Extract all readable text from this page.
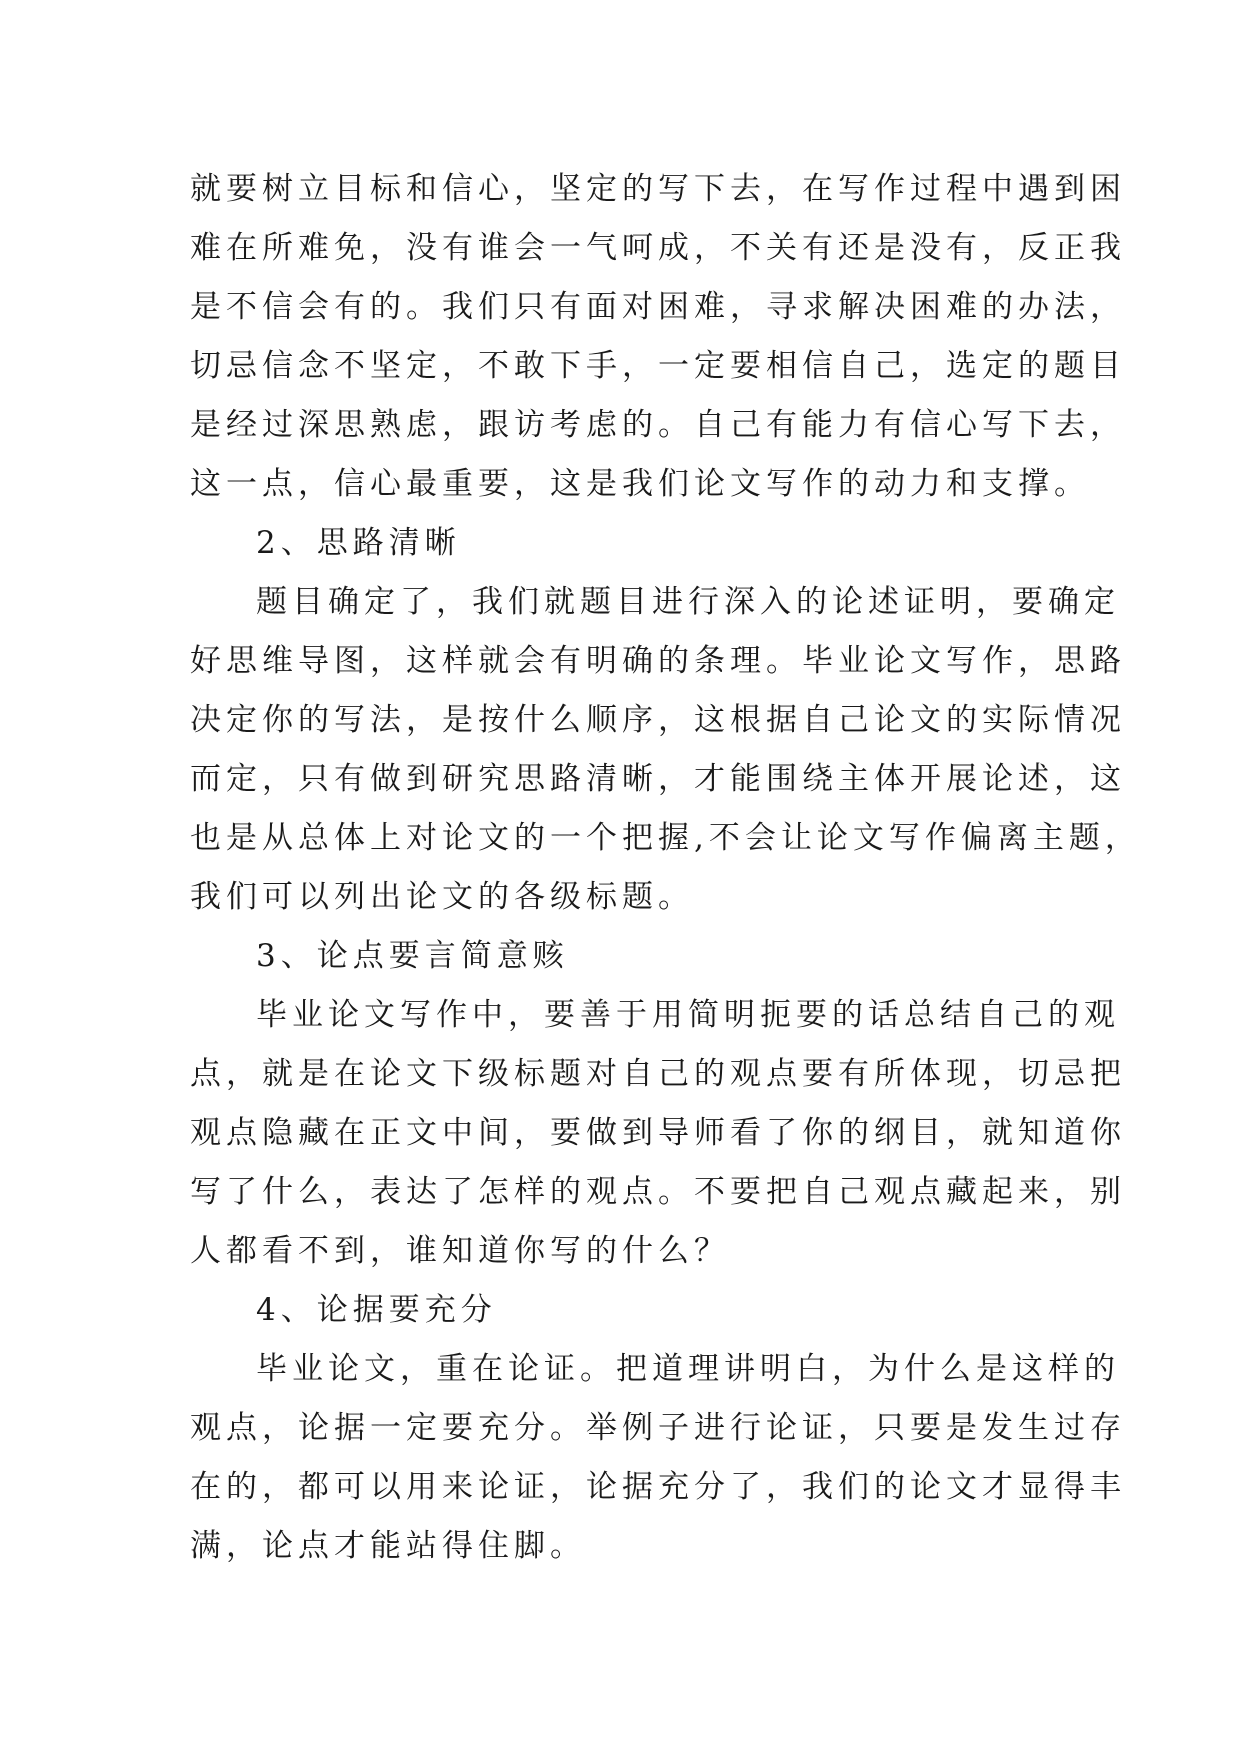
就要树立目标和信心，坚定的写下去，在写作过程中遇到困
难在所难免，没有谁会一气呵成，不关有还是没有，反正我
是不信会有的。我们只有面对困难，寻求解决困难的办法，
切忌信念不坚定，不敢下手，一定要相信自己，选定的题目
是经过深思熟虑，跟访考虑的。自己有能力有信心写下去，
这一点，信心最重要，这是我们论文写作的动力和支撑。
2、思路清晰
题目确定了，我们就题目进行深入的论述证明，要确定
好思维导图，这样就会有明确的条理。毕业论文写作，思路
决定你的写法，是按什么顺序，这根据自己论文的实际情况
而定，只有做到研究思路清晰，才能围绕主体开展论述，这
也是从总体上对论文的一个把握,不会让论文写作偏离主题，
我们可以列出论文的各级标题。
3、论点要言简意赅
毕业论文写作中，要善于用简明扼要的话总结自己的观
点，就是在论文下级标题对自己的观点要有所体现，切忌把
观点隐藏在正文中间，要做到导师看了你的纲目，就知道你
写了什么，表达了怎样的观点。不要把自己观点藏起来，别
人都看不到，谁知道你写的什么？
4、论据要充分
毕业论文，重在论证。把道理讲明白，为什么是这样的
观点，论据一定要充分。举例子进行论证，只要是发生过存
在的，都可以用来论证，论据充分了，我们的论文才显得丰
满，论点才能站得住脚。
